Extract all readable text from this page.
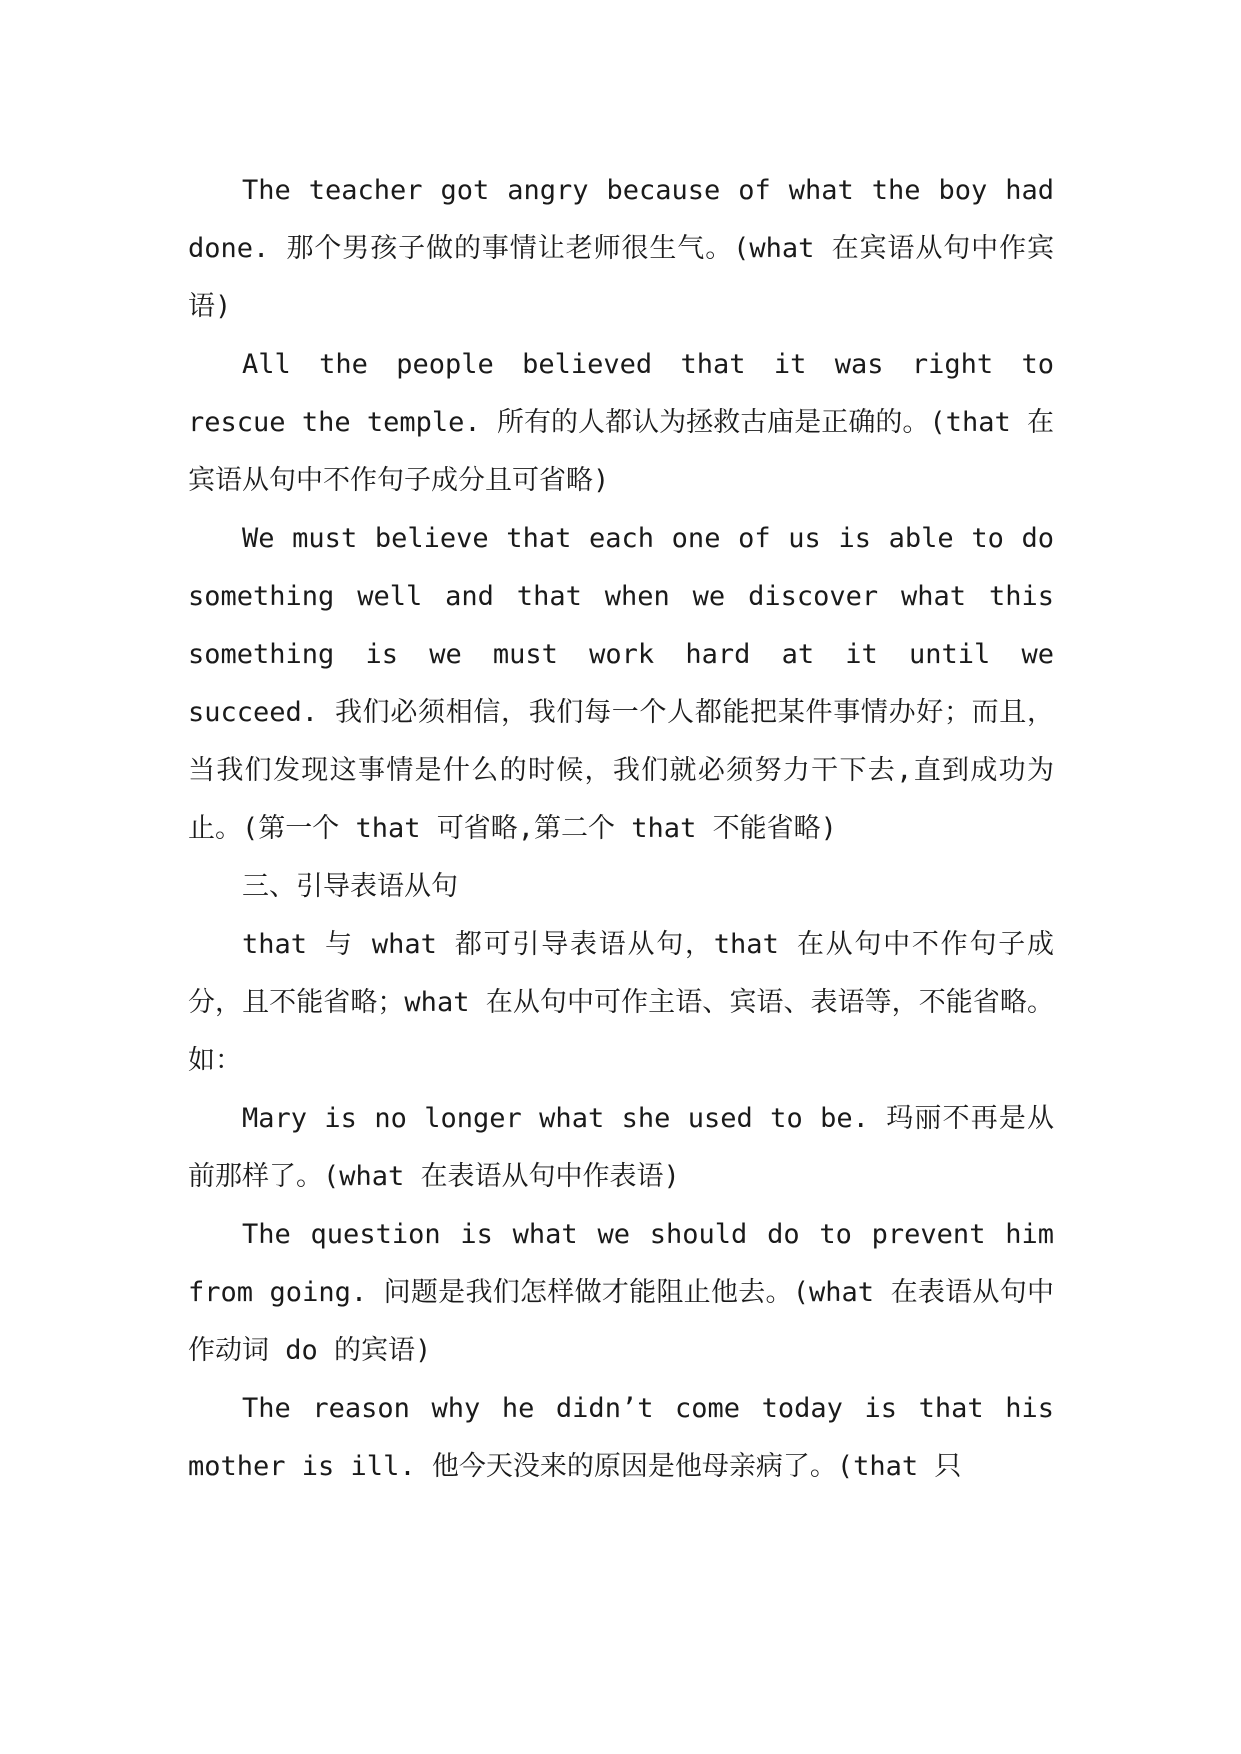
The teacher got angry because of what the boy had done. 那个男孩子做的事情让老师很生气。(what 在宾语从句中作宾语)

All the people believed that it was right to rescue the temple. 所有的人都认为拯救古庙是正确的。(that 在宾语从句中不作句子成分且可省略)

We must believe that each one of us is able to do something well and that when we discover what this something is we must work hard at it until we succeed. 我们必须相信，我们每一个人都能把某件事情办好；而且，当我们发现这事情是什么的时候，我们就必须努力干下去,直到成功为止。(第一个 that 可省略,第二个 that 不能省略)

三、引导表语从句

that 与 what 都可引导表语从句，that 在从句中不作句子成分，且不能省略；what 在从句中可作主语、宾语、表语等，不能省略。如：

Mary is no longer what she used to be. 玛丽不再是从前那样了。(what 在表语从句中作表语)

The question is what we should do to prevent him from going. 问题是我们怎样做才能阻止他去。(what 在表语从句中作动词 do 的宾语)

The reason why he didn’t come today is that his mother is ill. 他今天没来的原因是他母亲病了。(that 只
